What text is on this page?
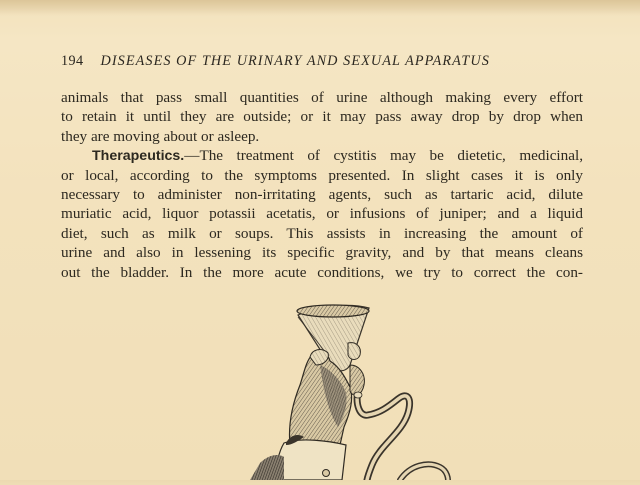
194 DISEASES OF THE URINARY AND SEXUAL APPARATUS
animals that pass small quantities of urine although making every effort
to retain it until they are outside; or it may pass away drop by drop when
they are moving about or asleep.
Therapeutics.—The treatment of cystitis may be dietetic, medicinal,
or local, according to the symptoms presented. In slight cases it is only
necessary to administer non-irritating agents, such as tartaric acid, dilute
muriatic acid, liquor potassii acetatis, or infusions of juniper; and a liquid
diet, such as milk or soups. This assists in increasing the amount of
urine and also in lessening its specific gravity, and by that means cleans
out the bladder. In the more acute conditions, we try to correct the con-
